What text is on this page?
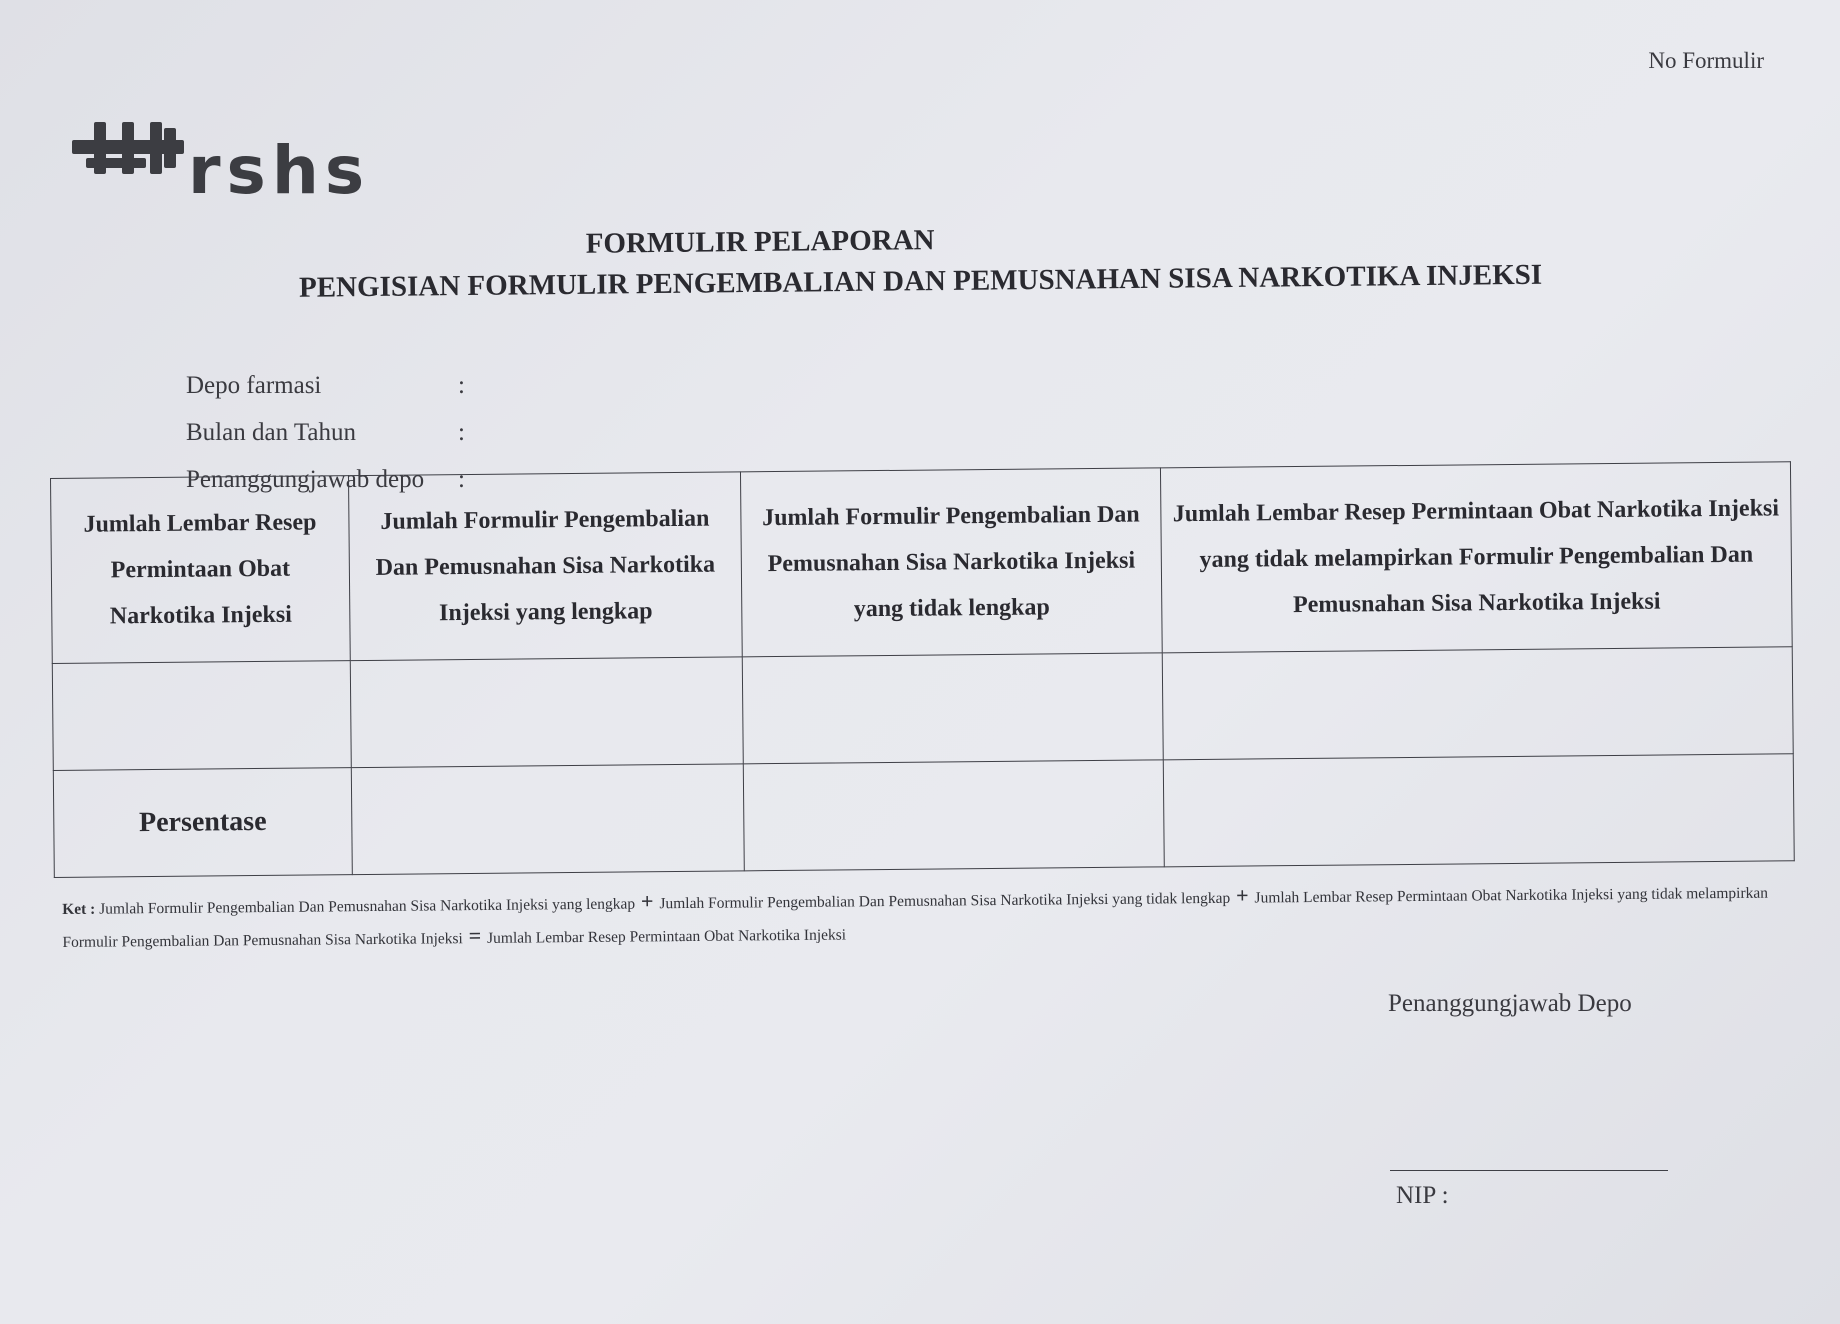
No Formulir
rshs
FORMULIR PELAPORAN
PENGISIAN FORMULIR PENGEMBALIAN DAN PEMUSNAHAN SISA NARKOTIKA INJEKSI
Depo farmasi	:
Bulan dan Tahun	:
Penanggungjawab depo	:
Jumlah Lembar Resep Permintaan Obat Narkotika Injeksi	Jumlah Formulir Pengembalian Dan Pemusnahan Sisa Narkotika Injeksi yang lengkap	Jumlah Formulir Pengembalian Dan Pemusnahan Sisa Narkotika Injeksi yang tidak lengkap	Jumlah Lembar Resep Permintaan Obat Narkotika Injeksi yang tidak melampirkan Formulir Pengembalian Dan Pemusnahan Sisa Narkotika Injeksi

Persentase			
Ket : Jumlah Formulir Pengembalian Dan Pemusnahan Sisa Narkotika Injeksi yang lengkap + Jumlah Formulir Pengembalian Dan Pemusnahan Sisa Narkotika Injeksi yang tidak lengkap + Jumlah Lembar Resep Permintaan Obat Narkotika Injeksi yang tidak melampirkan Formulir Pengembalian Dan Pemusnahan Sisa Narkotika Injeksi = Jumlah Lembar Resep Permintaan Obat Narkotika Injeksi
Penanggungjawab Depo
NIP :
